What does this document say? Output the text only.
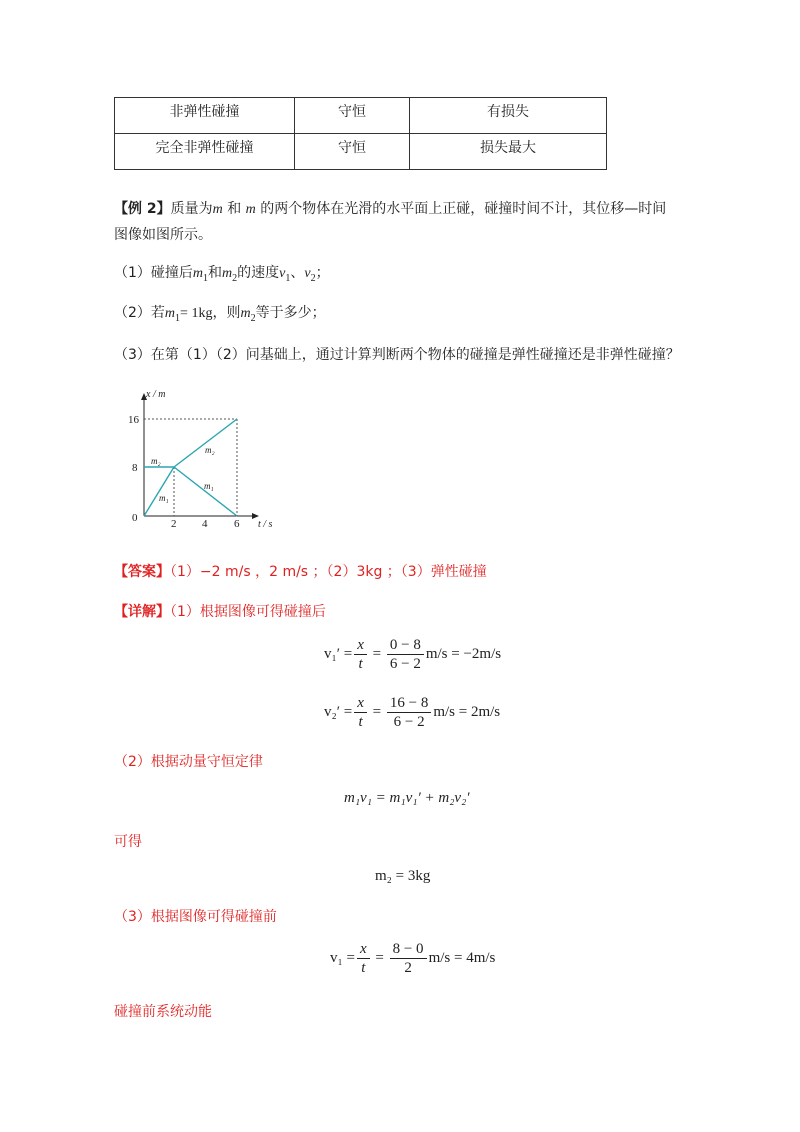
非弹性碰撞	守恒	有损失
完全非弹性碰撞	守恒	损失最大
【例 2】质量为m 和 m 的两个物体在光滑的水平面上正碰，碰撞时间不计，其位移—时间
图像如图所示。
（1）碰撞后$m_1$和$m_2$的速度$v_1$、$v_2$；
（2）若$m_1= 1kg$，则$m_2$等于多少；
（3）在第（1）（2）问基础上，通过计算判断两个物体的碰撞是弹性碰撞还是非弹性碰撞？
x / m
t / s
16
8
0	2 4 6
m₂
m₂
m₁
m₁
【答案】（1）−2 m/s ，2 m/s ；（2）3kg ；（3）弹性碰撞
【详解】（1）根据图像可得碰撞后
$v_1' = \frac{x}{t} = \frac{0 - 8}{6 - 2} m/s = -2m/s$
$v_2' = \frac{x}{t} = \frac{16 - 8}{6 - 2} m/s = 2m/s$
（2）根据动量守恒定律
m₁v₁ = m₁v₁′ + m₂v₂′
可得
m₂ = 3kg
（3）根据图像可得碰撞前
$v_1 = \frac{x}{t} = \frac{8 - 0}{2} m/s = 4m/s$
碰撞前系统动能
